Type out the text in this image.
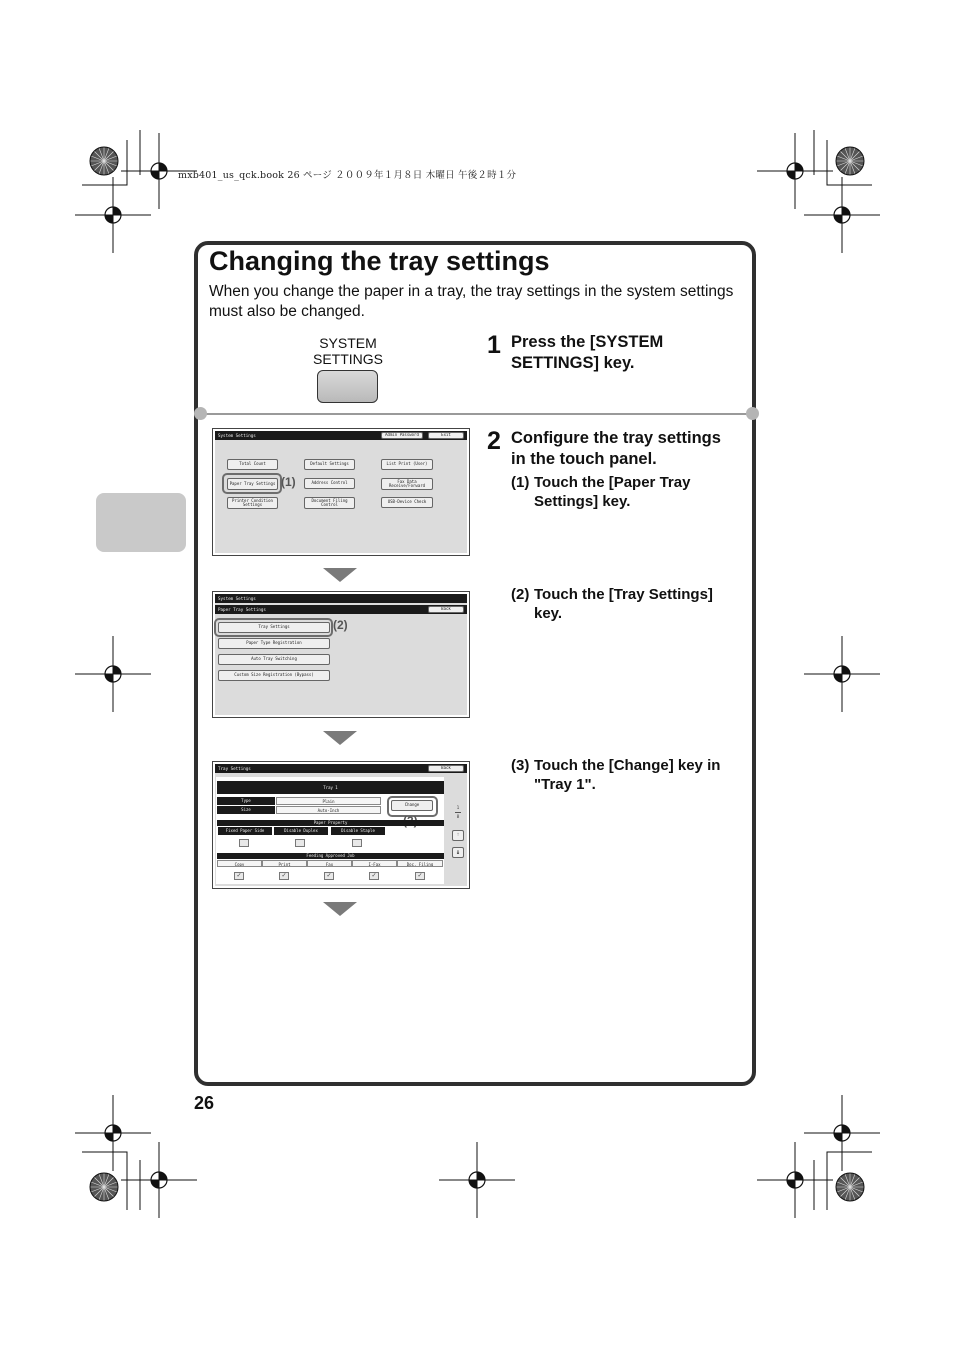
mxb401_us_qck.book 26 ページ ２００９年１月８日 木曜日 午後２時１分
Changing the tray settings
When you change the paper in a tray, the tray settings in the system settings must also be changed.
SYSTEM
SETTINGS	1 Press the [SYSTEM
SETTINGS] key.
2 Configure the tray settings
in the touch panel.
(1) Touch the [Paper Tray
Settings] key.
(2) Touch the [Tray Settings]
key.
(3) Touch the [Change] key in
"Tray 1".
System Settings	Admin Password	Exit
Total Count	Default Settings	List Print (User)
Paper Tray Settings	Address Control	Fax Data Receive/Forward
Printer Condition Settings
Document Filing Control
USB-Device Check
(1)
System Settings
Paper Tray Settings	Back
Tray Settings
Paper Type Registration
Auto Tray Switching
Custom Size Registration (Bypass)
(2)
Tray Settings	Back
Tray 1
Type	Plain
Size	Auto-Inch
Change
Paper Property
Fixed Paper Side	Disable Duplex	Disable Staple
Feeding Approved Job
Copy	Print	Fax	I-Fax	Doc. Filing
✓	✓	✓	✓	✓
1
8
↑
↓
26
